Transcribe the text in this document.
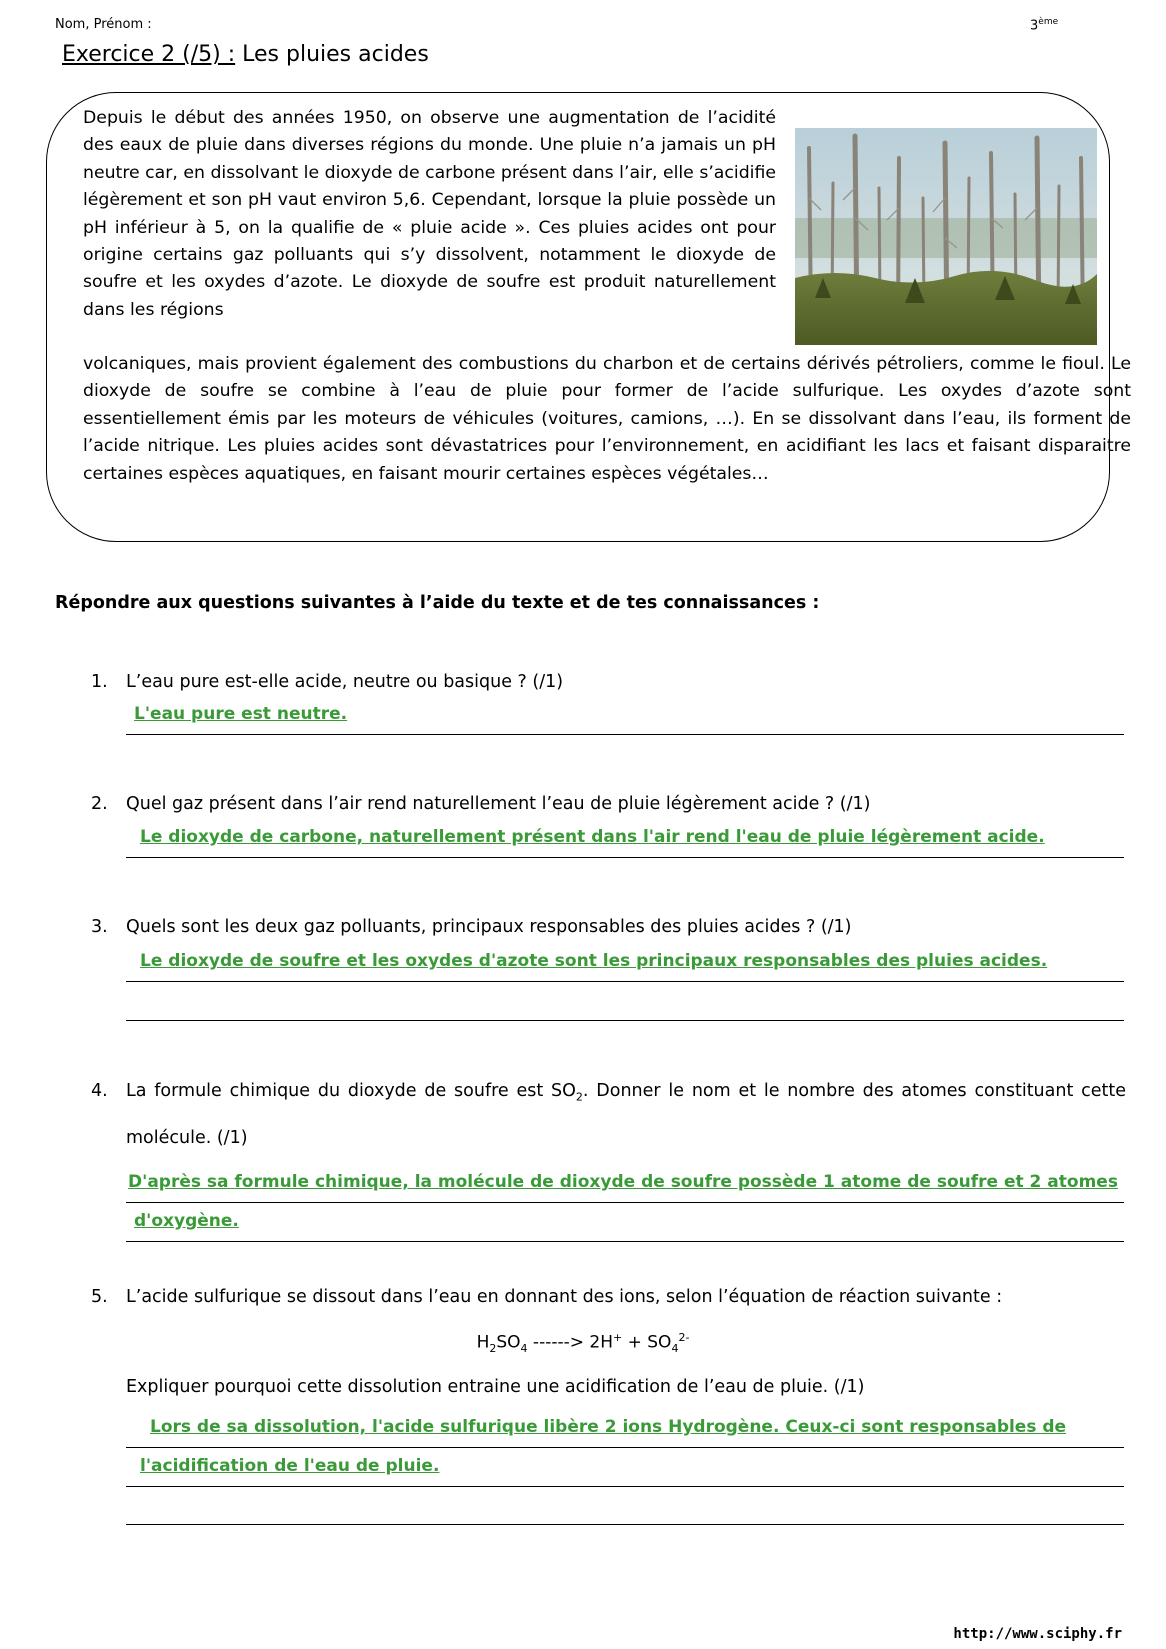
Nom, Prénom :	3ème
Exercice 2 (/5) : Les pluies acides

Depuis le début des années 1950, on observe une augmentation de l’acidité des eaux de pluie dans diverses régions du monde. Une pluie n’a jamais un pH neutre car, en dissolvant le dioxyde de carbone présent dans l’air, elle s’acidifie légèrement et son pH vaut environ 5,6. Cependant, lorsque la pluie possède un pH inférieur à 5, on la qualifie de « pluie acide ». Ces pluies acides ont pour origine certains gaz polluants qui s’y dissolvent, notamment le dioxyde de soufre et les oxydes d’azote. Le dioxyde de soufre est produit naturellement dans les régions

volcaniques, mais provient également des combustions du charbon et de certains dérivés pétroliers, comme le fioul. Le dioxyde de soufre se combine à l’eau de pluie pour former de l’acide sulfurique. Les oxydes d’azote sont essentiellement émis par les moteurs de véhicules (voitures, camions, …). En se dissolvant dans l’eau, ils forment de l’acide nitrique. Les pluies acides sont dévastatrices pour l’environnement, en acidifiant les lacs et faisant disparaitre certaines espèces aquatiques, en faisant mourir certaines espèces végétales…

Répondre aux questions suivantes à l’aide du texte et de tes connaissances :
1. L’eau pure est-elle acide, neutre ou basique ? (/1)
L'eau pure est neutre.
2. Quel gaz présent dans l’air rend naturellement l’eau de pluie légèrement acide ? (/1)
Le dioxyde de carbone, naturellement présent dans l'air rend l'eau de pluie légèrement acide.
3. Quels sont les deux gaz polluants, principaux responsables des pluies acides ? (/1)
Le dioxyde de soufre et les oxydes d'azote sont les principaux responsables des pluies acides.
4. La formule chimique du dioxyde de soufre est $SO_2$. Donner le nom et le nombre des atomes constituant cette molécule. (/1)
D'après sa formule chimique, la molécule de dioxyde de soufre possède 1 atome de soufre et 2 atomes
d'oxygène.
5. L’acide sulfurique se dissout dans l’eau en donnant des ions, selon l’équation de réaction suivante :
$H_2SO_4$ ------> $2H^+ + SO_4^{2-}$
Expliquer pourquoi cette dissolution entraine une acidification de l’eau de pluie. (/1)
Lors de sa dissolution, l'acide sulfurique libère 2 ions Hydrogène. Ceux-ci sont responsables de
l'acidification de l'eau de pluie.
http://www.sciphy.fr
